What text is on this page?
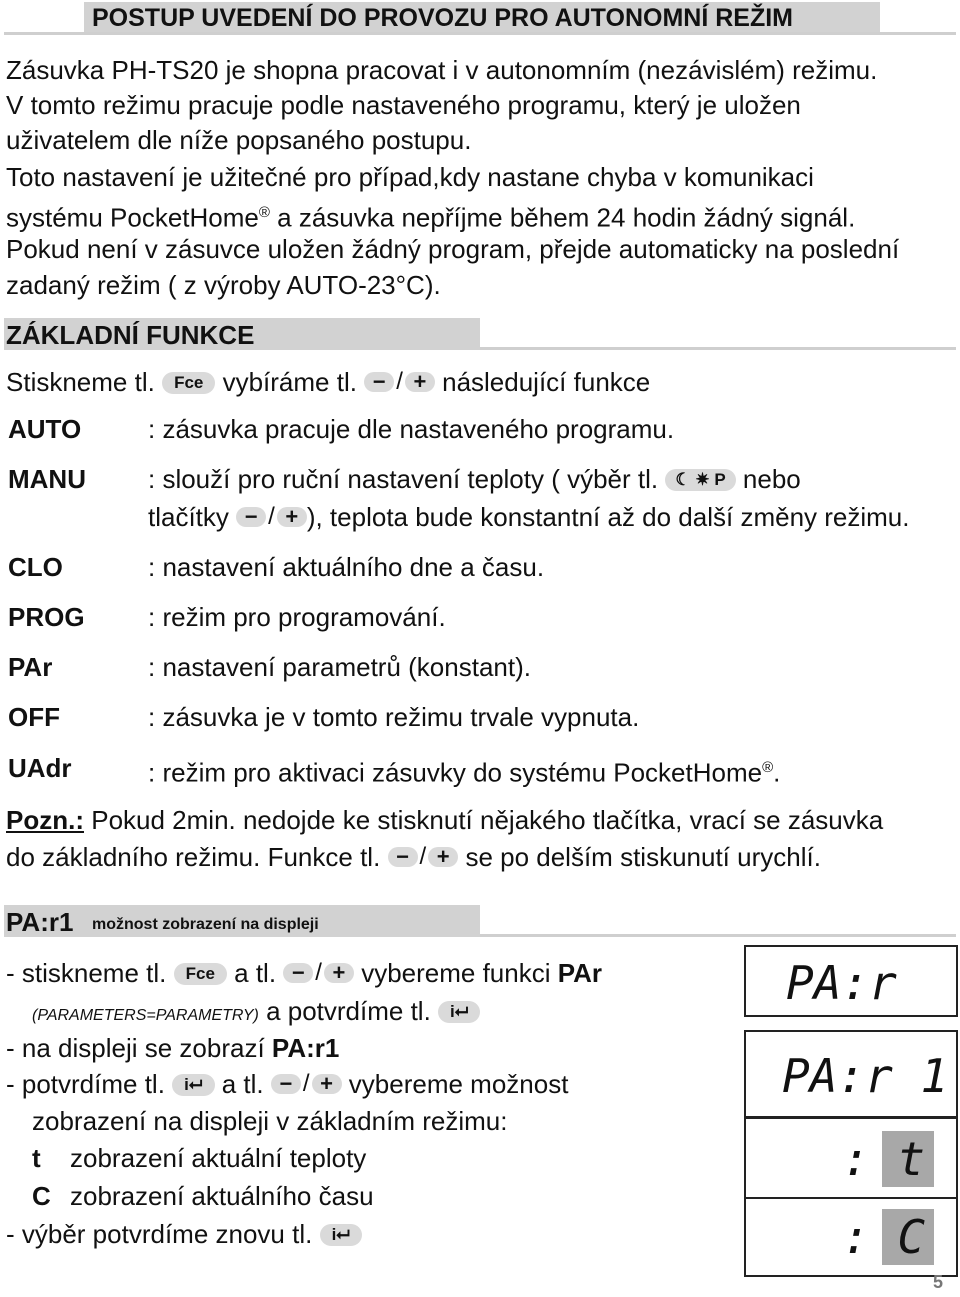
POSTUP UVEDENÍ DO PROVOZU PRO AUTONOMNÍ REŽIM
Zásuvka PH-TS20 je shopna pracovat i v autonomním (nezávislém) režimu.
V tomto režimu pracuje podle nastaveného programu, který je uložen
uživatelem dle níže popsaného postupu.
Toto nastavení je užitečné pro případ,kdy nastane chyba v komunikaci
systému PocketHome® a zásuvka nepříjme během 24 hodin žádný signál.
Pokud není v zásuvce uložen žádný program, přejde automaticky na poslední
zadaný režim ( z výroby AUTO-23°C).
ZÁKLADNÍ FUNKCE
Stiskneme tl. Fce vybíráme tl. − / + následující funkce
AUTO	: zásuvka pracuje dle nastaveného programu.
MANU : slouží pro ruční nastavení teploty ( výběr tl. ☾ ✷ P nebo
tlačítky − / + ), teplota bude konstantní až do další změny režimu.
CLO	: nastavení aktuálního dne a času.
PROG : režim pro programování.
PAr	: nastavení parametrů (konstant).
OFF	: zásuvka je v tomto režimu trvale vypnuta.
UAdr	: režim pro aktivaci zásuvky do systému PocketHome®.
Pozn.: Pokud 2min. nedojde ke stisknutí nějakého tlačítka, vrací se zásuvka
do základního režimu. Funkce tl. − / + se po delším stiskunutí urychlí.
PA:r1 možnost zobrazení na displeji
- stiskneme tl. Fce a tl. − / + vybereme funkci PAr
(PARAMETERS=PARAMETRY) a potvrdíme tl. i⮠
- na displeji se zobrazí PA:r1
- potvrdíme tl. i⮠ a tl. − / + vybereme možnost
zobrazení na displeji v základním režimu:
t zobrazení aktuální teploty
C zobrazení aktuálního času
- výběr potvrdíme znovu tl. i⮠
PA:r
PA:r 1
: t
: C
5
